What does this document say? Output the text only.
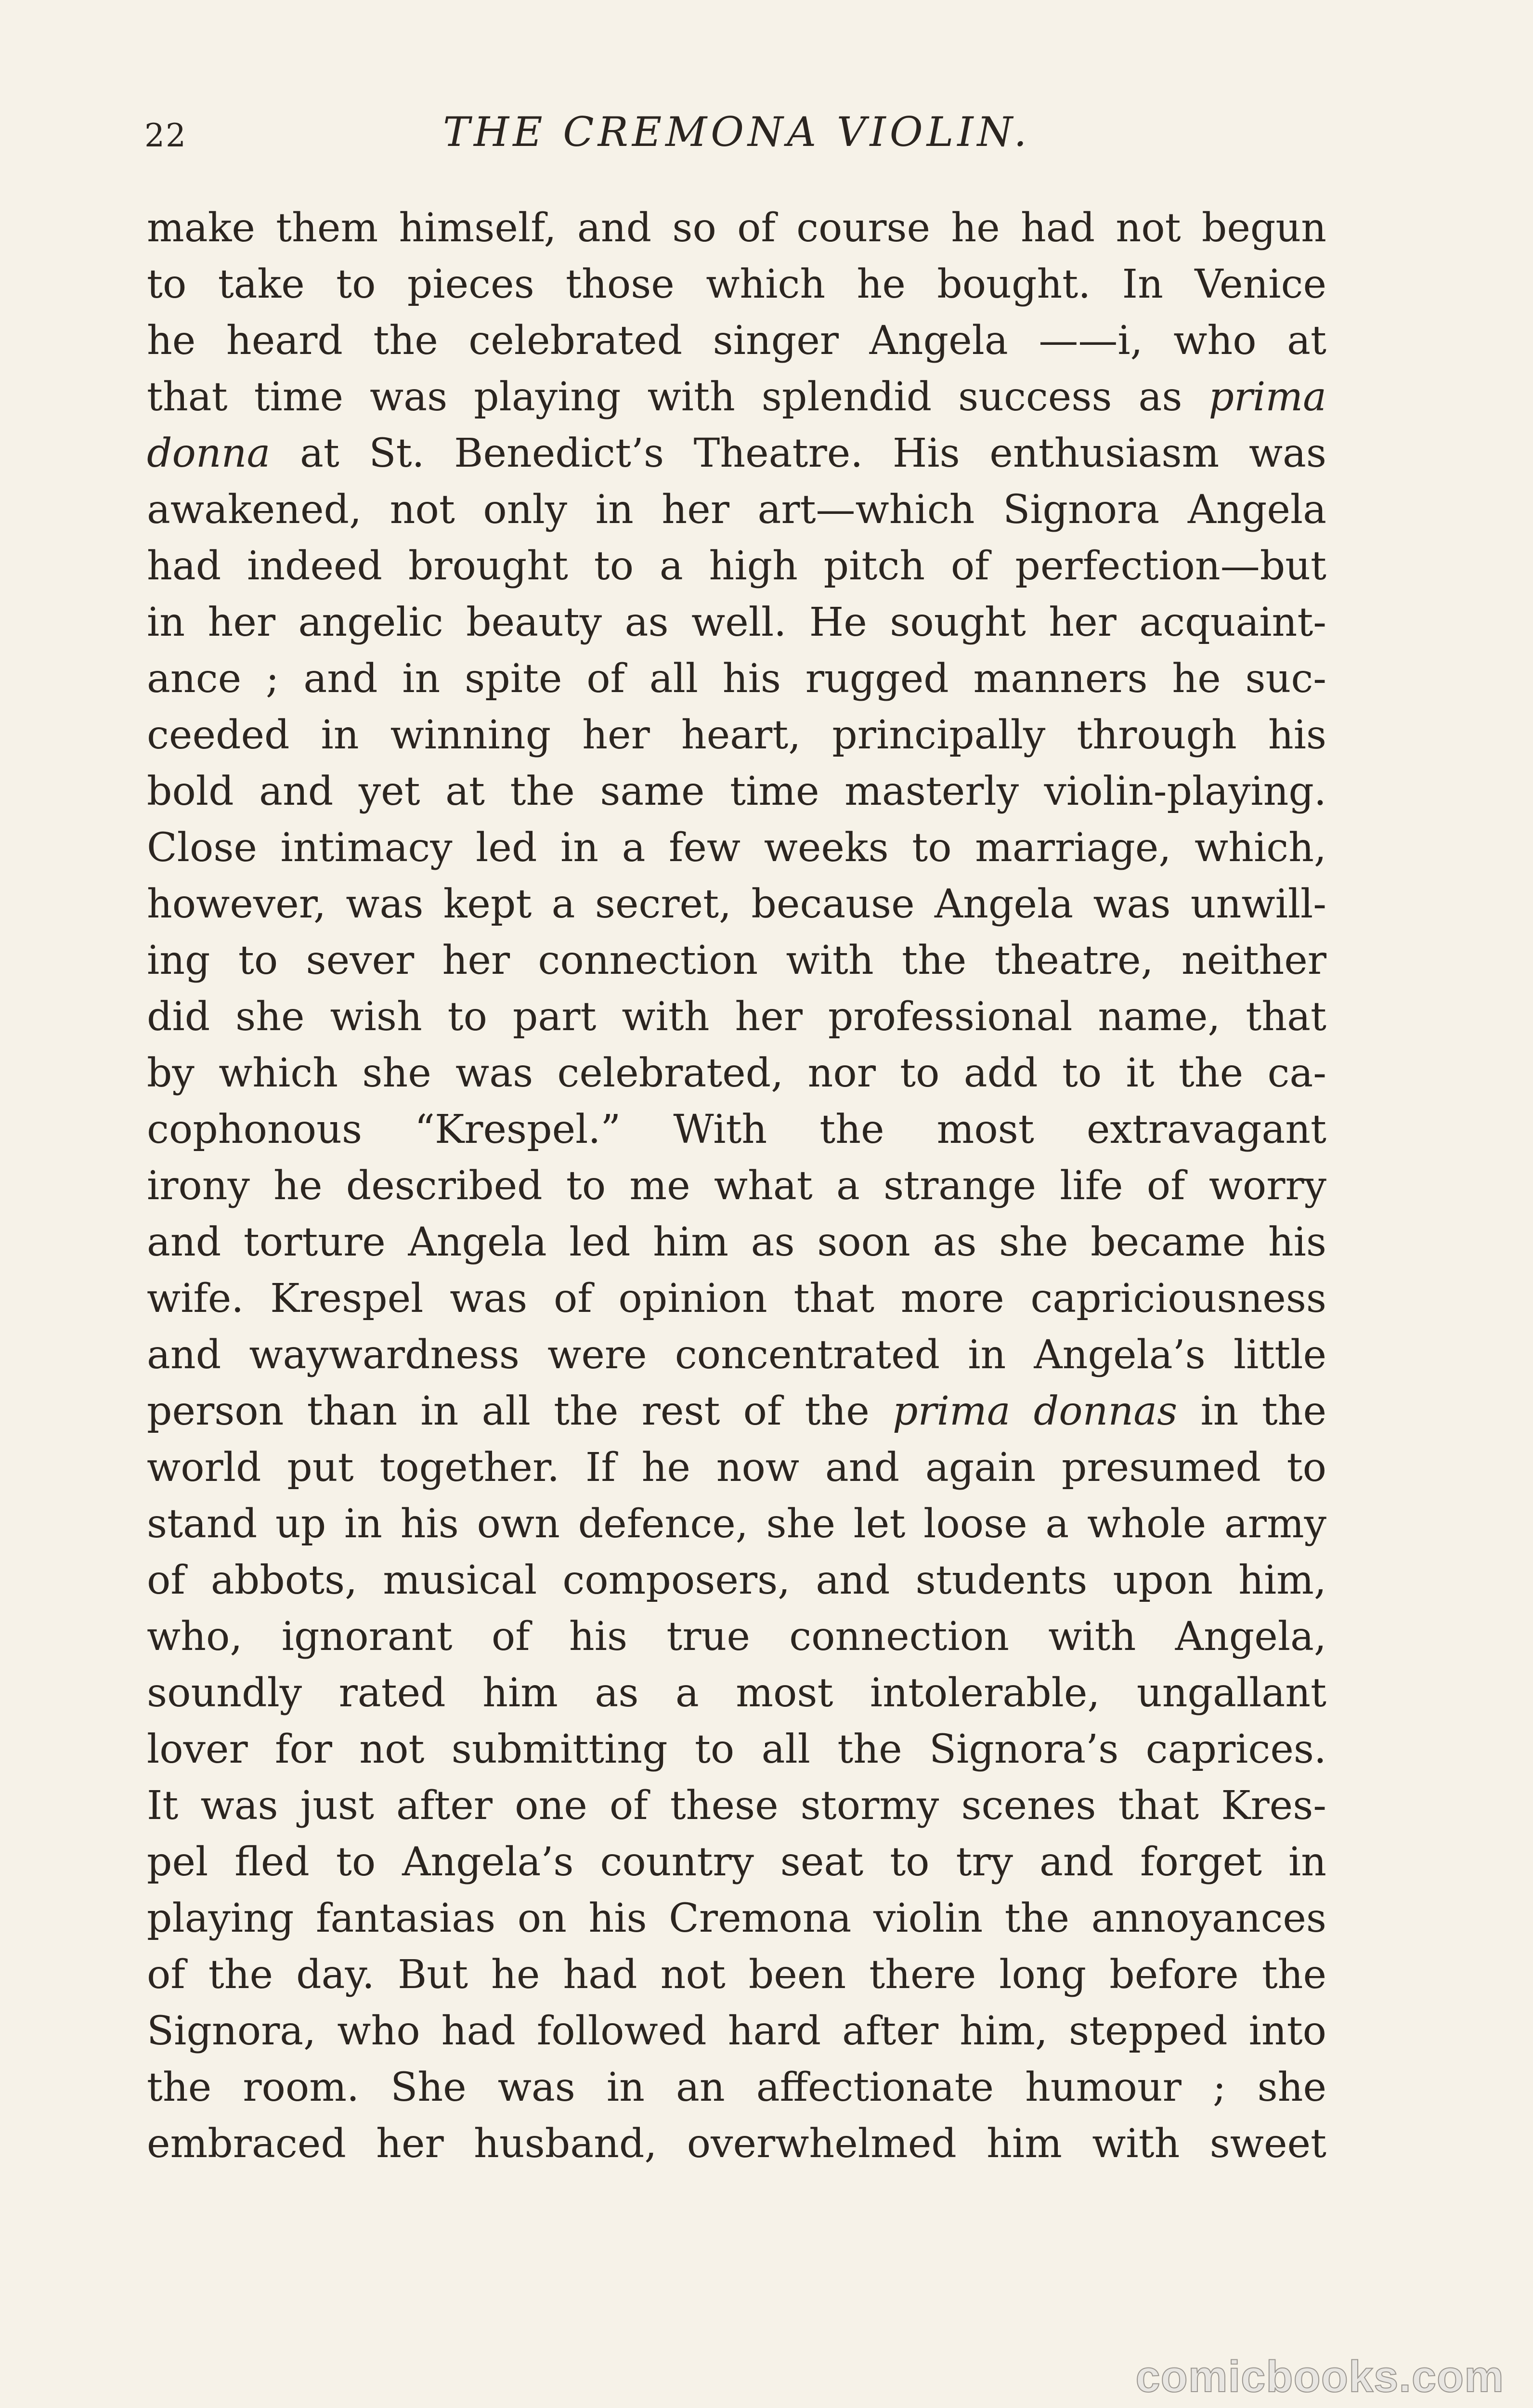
22	THE CREMONA VIOLIN.
make them himself, and so of course he had not begun
to take to pieces those which he bought. In Venice
he heard the celebrated singer Angela ——i, who at
that time was playing with splendid success as prima
donna at St. Benedict’s Theatre. His enthusiasm was
awakened, not only in her art—which Signora Angela
had indeed brought to a high pitch of perfection—but
in her angelic beauty as well. He sought her acquaint-
ance ; and in spite of all his rugged manners he suc-
ceeded in winning her heart, principally through his
bold and yet at the same time masterly violin-playing.
Close intimacy led in a few weeks to marriage, which,
however, was kept a secret, because Angela was unwill-
ing to sever her connection with the theatre, neither
did she wish to part with her professional name, that
by which she was celebrated, nor to add to it the ca-
cophonous “Krespel.” With the most extravagant
irony he described to me what a strange life of worry
and torture Angela led him as soon as she became his
wife. Krespel was of opinion that more capriciousness
and waywardness were concentrated in Angela’s little
person than in all the rest of the prima donnas in the
world put together. If he now and again presumed to
stand up in his own defence, she let loose a whole army
of abbots, musical composers, and students upon him,
who, ignorant of his true connection with Angela,
soundly rated him as a most intolerable, ungallant
lover for not submitting to all the Signora’s caprices.
It was just after one of these stormy scenes that Kres-
pel fled to Angela’s country seat to try and forget in
playing fantasias on his Cremona violin the annoyances
of the day. But he had not been there long before the
Signora, who had followed hard after him, stepped into
the room. She was in an affectionate humour ; she
embraced her husband, overwhelmed him with sweet
comicbooks.com
